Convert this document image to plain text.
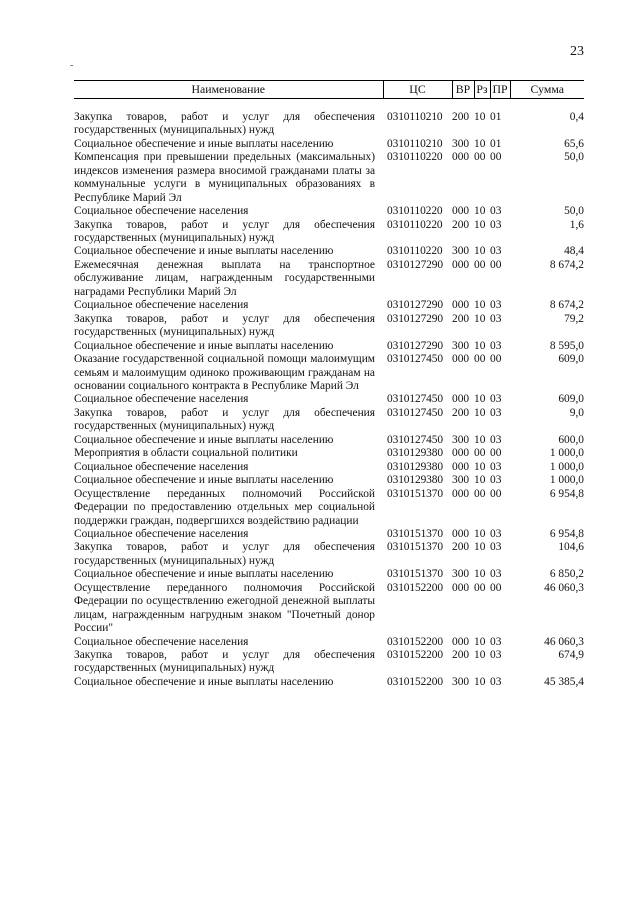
23
-
Наименование	ЦС	ВР	Рз	ПР	Сумма

Закупка товаров, работ и услуг для обеспечения государственных (муниципальных) нужд	0310110210	200	10	01	0,4
Социальное обеспечение и иные выплаты населению	0310110210	300	10	01	65,6
Компенсация при превышении предельных (максимальных) индексов изменения размера вносимой гражданами платы за коммунальные услуги в муниципальных образованиях в Республике Марий Эл	0310110220	000	00	00	50,0
Социальное обеспечение населения	0310110220	000	10	03	50,0
Закупка товаров, работ и услуг для обеспечения государственных (муниципальных) нужд	0310110220	200	10	03	1,6
Социальное обеспечение и иные выплаты населению	0310110220	300	10	03	48,4
Ежемесячная денежная выплата на транспортное обслуживание лицам, награжденным государственными наградами Республики Марий Эл	0310127290	000	00	00	8 674,2
Социальное обеспечение населения	0310127290	000	10	03	8 674,2
Закупка товаров, работ и услуг для обеспечения государственных (муниципальных) нужд	0310127290	200	10	03	79,2
Социальное обеспечение и иные выплаты населению	0310127290	300	10	03	8 595,0
Оказание государственной социальной помощи малоимущим семьям и малоимущим одиноко проживающим гражданам на основании социального контракта в Республике Марий Эл	0310127450	000	00	00	609,0
Социальное обеспечение населения	0310127450	000	10	03	609,0
Закупка товаров, работ и услуг для обеспечения государственных (муниципальных) нужд	0310127450	200	10	03	9,0
Социальное обеспечение и иные выплаты населению	0310127450	300	10	03	600,0
Мероприятия в области социальной политики	0310129380	000	00	00	1 000,0
Социальное обеспечение населения	0310129380	000	10	03	1 000,0
Социальное обеспечение и иные выплаты населению	0310129380	300	10	03	1 000,0
Осуществление переданных полномочий Российской Федерации по предоставлению отдельных мер социальной поддержки граждан, подвергшихся воздействию радиации	0310151370	000	00	00	6 954,8
Социальное обеспечение населения	0310151370	000	10	03	6 954,8
Закупка товаров, работ и услуг для обеспечения государственных (муниципальных) нужд	0310151370	200	10	03	104,6
Социальное обеспечение и иные выплаты населению	0310151370	300	10	03	6 850,2
Осуществление переданного полномочия Российской Федерации по осуществлению ежегодной денежной выплаты лицам, награжденным нагрудным знаком "Почетный донор России"	0310152200	000	00	00	46 060,3
Социальное обеспечение населения	0310152200	000	10	03	46 060,3
Закупка товаров, работ и услуг для обеспечения государственных (муниципальных) нужд	0310152200	200	10	03	674,9
Социальное обеспечение и иные выплаты населению	0310152200	300	10	03	45 385,4
